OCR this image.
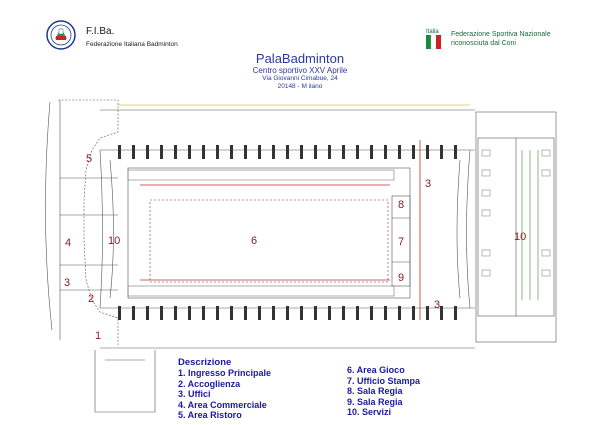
F.I.Ba.
Federazione Italiana Badminton
Italia Federazione Sportiva Nazionale
riconosciuta dal Coni
PalaBadminton
Centro sportivo XXV Aprile
Via Giovanni Cimabue, 24
20148 - M ilano
1
2
3
3
3
4
5
6	7
8
9
10	10
Descrizione
1. Ingresso Principale
2. Accoglienza
3. Uffici
4. Area Commerciale
5. Area Ristoro
6. Area Gioco
7. Ufficio Stampa
8. Sala Regia
9. Sala Regia
10. Servizi
